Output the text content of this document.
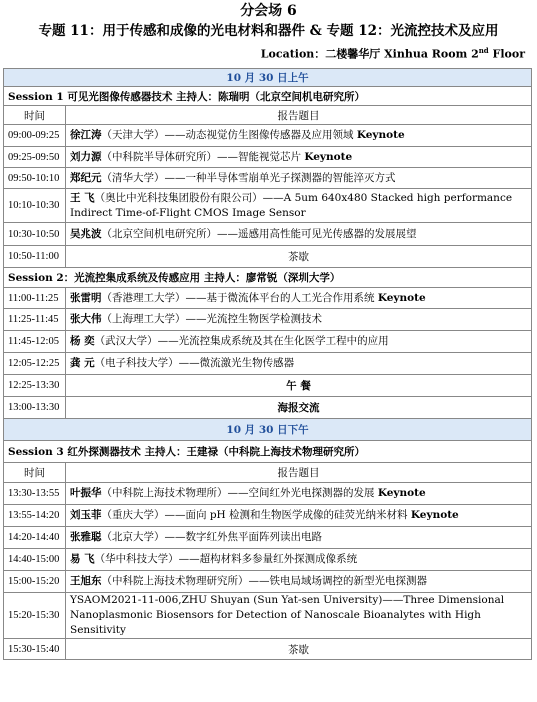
分会场 6
专题 11：用于传感和成像的光电材料和器件 & 专题 12：光流控技术及应用
Location：二楼馨华厅 Xinhua Room 2nd Floor
10 月 30 日上午	
Session 1 可见光图像传感器技术 主持人：陈瑞明（北京空间机电研究所）	
时间	报告题目
09:00-09:25	徐江涛（天津大学）——动态视觉仿生图像传感器及应用领域 Keynote
09:25-09:50	刘力源（中科院半导体研究所）——智能视觉芯片 Keynote
09:50-10:10	郑纪元（清华大学）——一种半导体雪崩单光子探测器的智能淬灭方式
10:10-10:30	王 飞（奥比中光科技集团股份有限公司）——A 5um 640x480 Stacked high performance Indirect Time-of-Flight CMOS Image Sensor
10:30-10:50	吴兆波（北京空间机电研究所）——遥感用高性能可见光传感器的发展展望
10:50-11:00	茶歇
Session 2：光流控集成系统及传感应用 主持人：廖常锐（深圳大学）	
11:00-11:25	张雷明（香港理工大学）——基于微流体平台的人工光合作用系统 Keynote
11:25-11:45	张大伟（上海理工大学）——光流控生物医学检测技术
11:45-12:05	杨 奕（武汉大学）——光流控集成系统及其在生化医学工程中的应用
12:05-12:25	龚 元（电子科技大学）——微流激光生物传感器
12:25-13:30	午 餐
13:00-13:30	海报交流
10 月 30 日下午	
Session 3 红外探测器技术 主持人：王建禄（中科院上海技术物理研究所）	
时间	报告题目
13:30-13:55	叶振华（中科院上海技术物理所）——空间红外光电探测器的发展 Keynote
13:55-14:20	刘玉菲（重庆大学）——面向 pH 检测和生物医学成像的硅荧光纳米材料 Keynote
14:20-14:40	张雅聪（北京大学）——数字红外焦平面阵列读出电路
14:40-15:00	易 飞（华中科技大学）——超构材料多参量红外探测成像系统
15:00-15:20	王旭东（中科院上海技术物理研究所）——铁电局域场调控的新型光电探测器
15:20-15:30	YSAOM2021-11-006,ZHU Shuyan (Sun Yat-sen University)——Three Dimensional Nanoplasmonic Biosensors for Detection of Nanoscale Bioanalytes with High Sensitivity
15:30-15:40	茶歇
